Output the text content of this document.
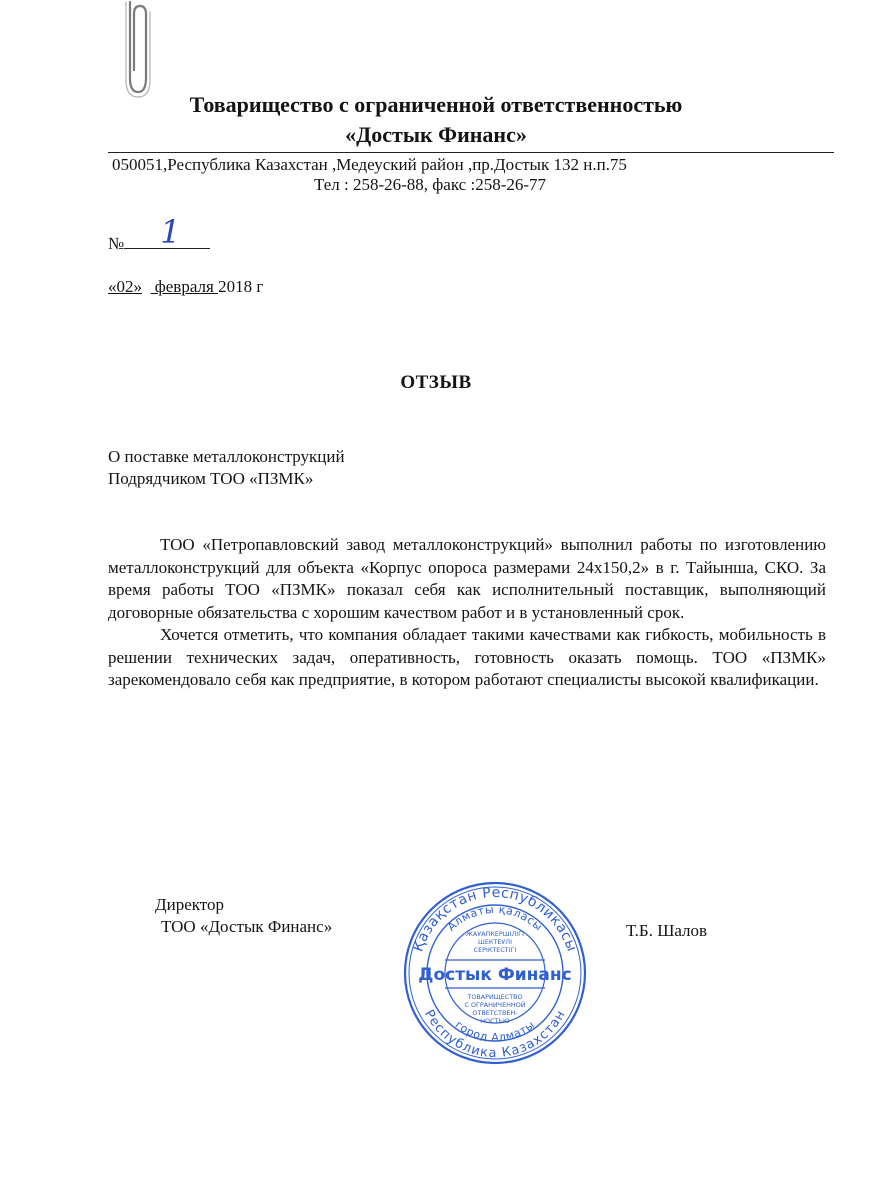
Товарищество с ограниченной ответственностью
«Достык Финанс»
050051,Республика Казахстан ,Медеуский район ,пр.Достык 132 н.п.75
Тел : 258-26-88, факс :258-26-77
№ 1
«02»   февраля 2018 г
ОТЗЫВ
О поставке металлоконструкций
Подрядчиком ТОО «ПЗМК»

ТОО «Петропавловский завод металлоконструкций» выполнил работы по изготовлению металлоконструкций для объекта «Корпус опороса размерами 24х150,2» в г. Тайынша, СКО. За время работы ТОО «ПЗМК» показал себя как исполнительный поставщик, выполняющий договорные обязательства с хорошим качеством работ и в установленный срок.

Хочется отметить, что компания обладает такими качествами как гибкость, мобильность в решении технических задач, оперативность, готовность оказать помощь. ТОО «ПЗМК» зарекомендовало себя как предприятие, в котором работают специалисты высокой квалификации.

Директор
ТОО «Достык Финанс»	Т.Б. Шалов
Қазақстан Республикасы
Республика Казахстан
Алматы қаласы
город Алматы
ЖАУАПКЕРШІЛІГІ
ШЕКТЕУЛІ
СЕРІКТЕСТІГІ
Достык Финанс
ТОВАРИЩЕСТВО
С ОГРАНИЧЕННОЙ
ОТВЕТСТВЕН-
НОСТЬЮ
